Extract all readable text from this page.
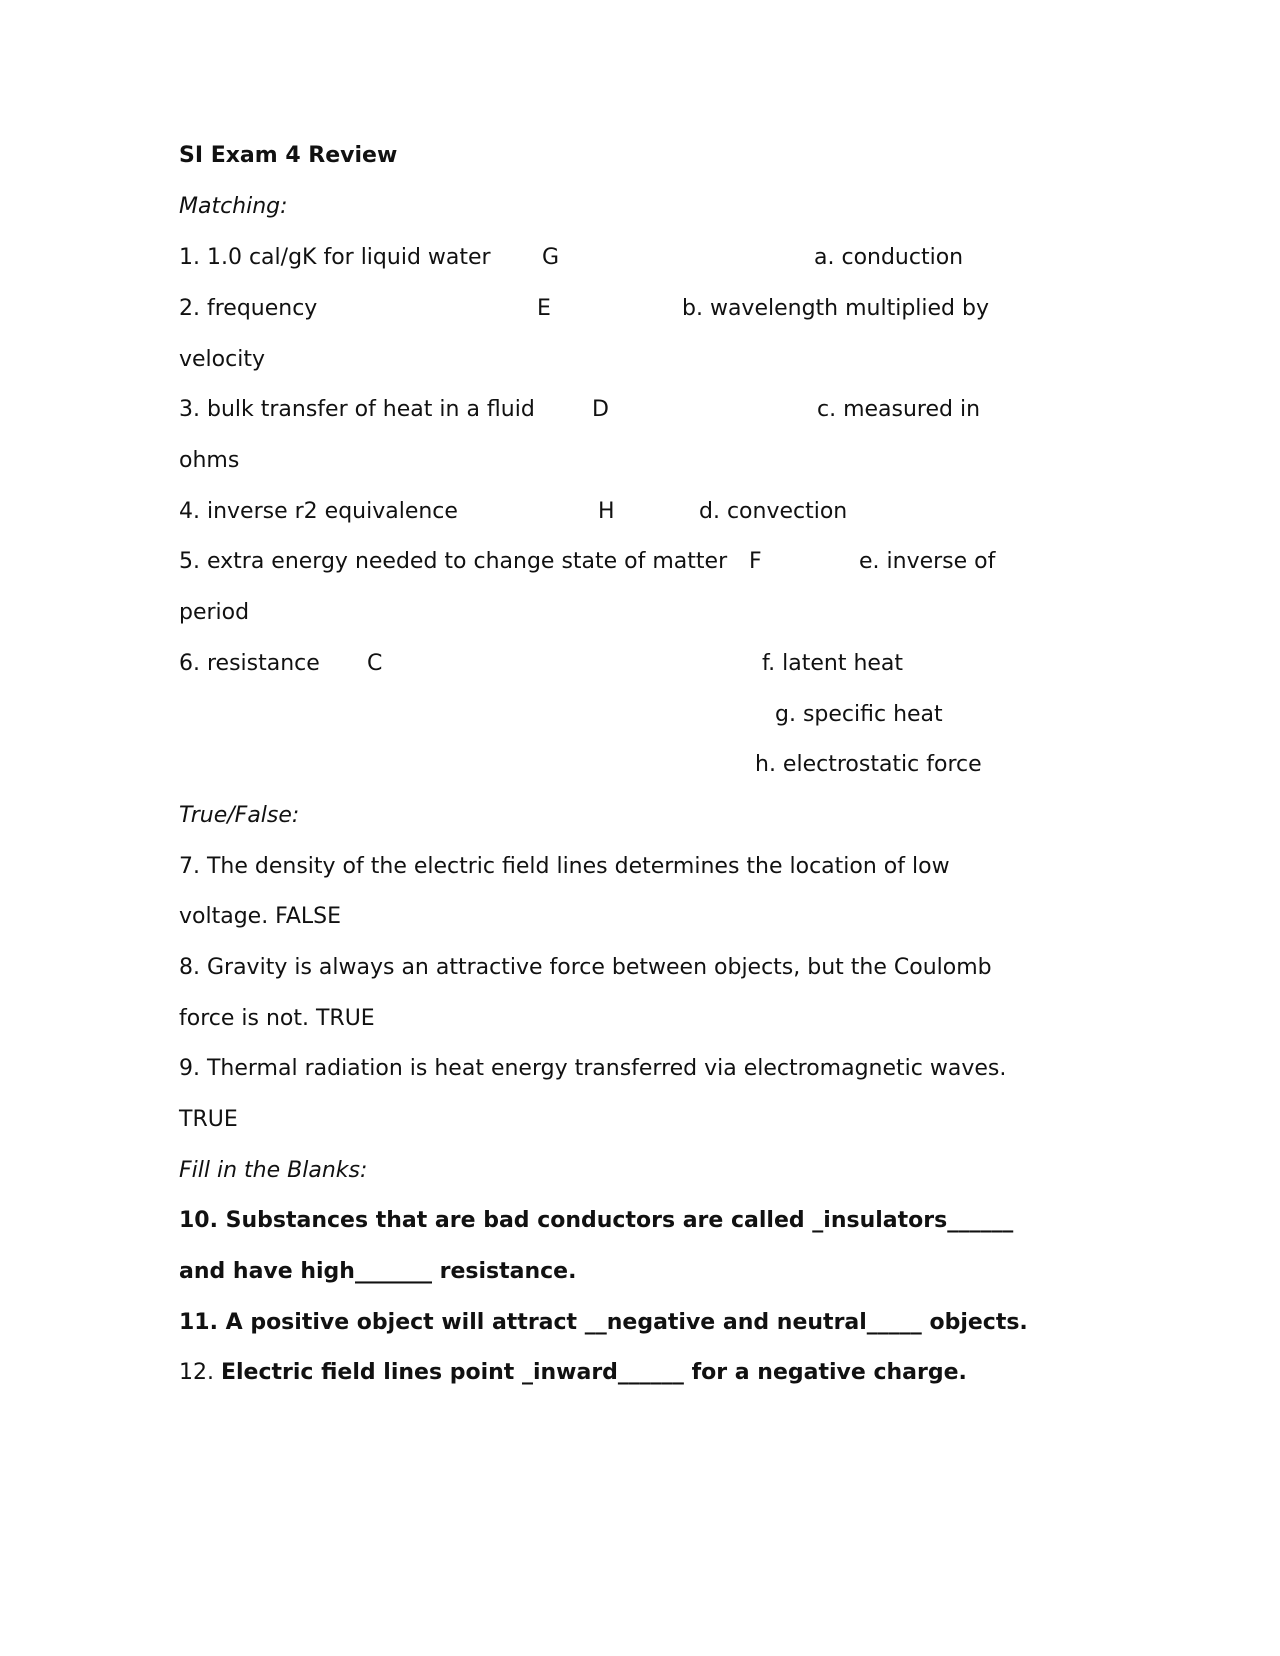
SI Exam 4 Review
Matching:
1. 1.0 cal/gK for liquid water G	a. conduction
2. frequency	E	b. wavelength multiplied by
velocity
3. bulk transfer of heat in a fluid	D	c. measured in
ohms
4. inverse r2 equivalence	H	d. convection
5. extra energy needed to change state of matter F	e. inverse of
period
6. resistance C	f. latent heat
g. specific heat
h. electrostatic force
True/False:
7. The density of the electric field lines determines the location of low
voltage. FALSE
8. Gravity is always an attractive force between objects, but the Coulomb
force is not. TRUE
9. Thermal radiation is heat energy transferred via electromagnetic waves.
TRUE
Fill in the Blanks:
10. Substances that are bad conductors are called _insulators______
and have high_______ resistance.
11. A positive object will attract __negative and neutral_____ objects.
12. Electric field lines point _inward______ for a negative charge.
